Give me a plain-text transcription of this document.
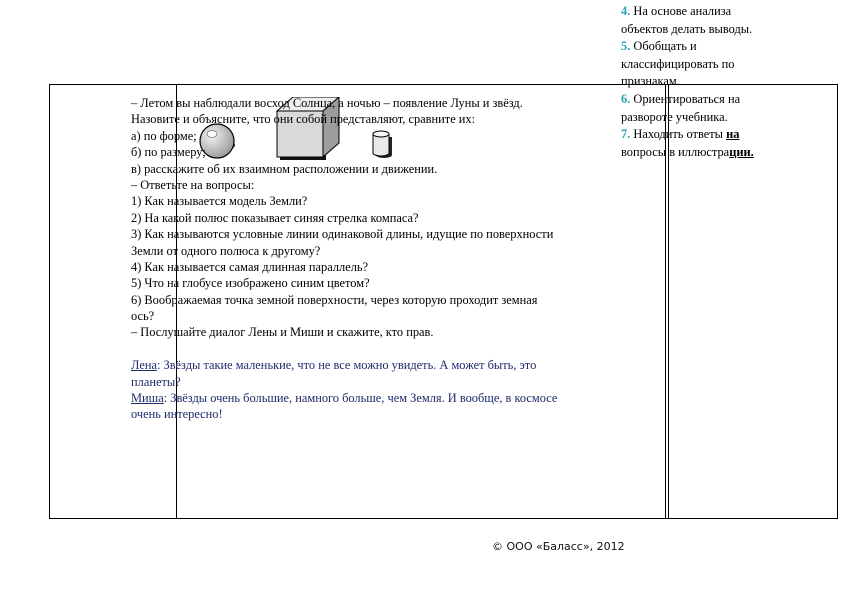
– Летом вы наблюдали восход Солнца, а ночью – появление Луны и звёзд.
Назовите и объясните, что они собой представляют, сравните их:
а) по форме;
б) по размеру;
в) расскажите об их взаимном расположении и движении.
– Ответьте на вопросы:
1) Как называется модель Земли?
2) На какой полюс показывает синяя стрелка компаса?
3) Как называются условные линии одинаковой длины, идущие по поверхности
Земли от одного полюса к другому?
4) Как называется самая длинная параллель?
5) Что на глобусе изображено синим цветом?
6) Воображаемая точка земной поверхности, через которую проходит земная
ось?
– Послушайте диалог Лены и Миши и скажите, кто прав.
Лена: Звёзды такие маленькие, что не все можно увидеть. А может быть, это
планеты?
Миша: Звёзды очень большие, намного больше, чем Земля. И вообще, в космосе
очень интересно!
4. На основе анализа
объектов делать выводы.
5. Обобщать и
классифицировать по
признакам.
6. Ориентироваться на
развороте учебника.
7. Находить ответы на
вопросы в иллюстрации.
© ООО «Баласс», 2012
